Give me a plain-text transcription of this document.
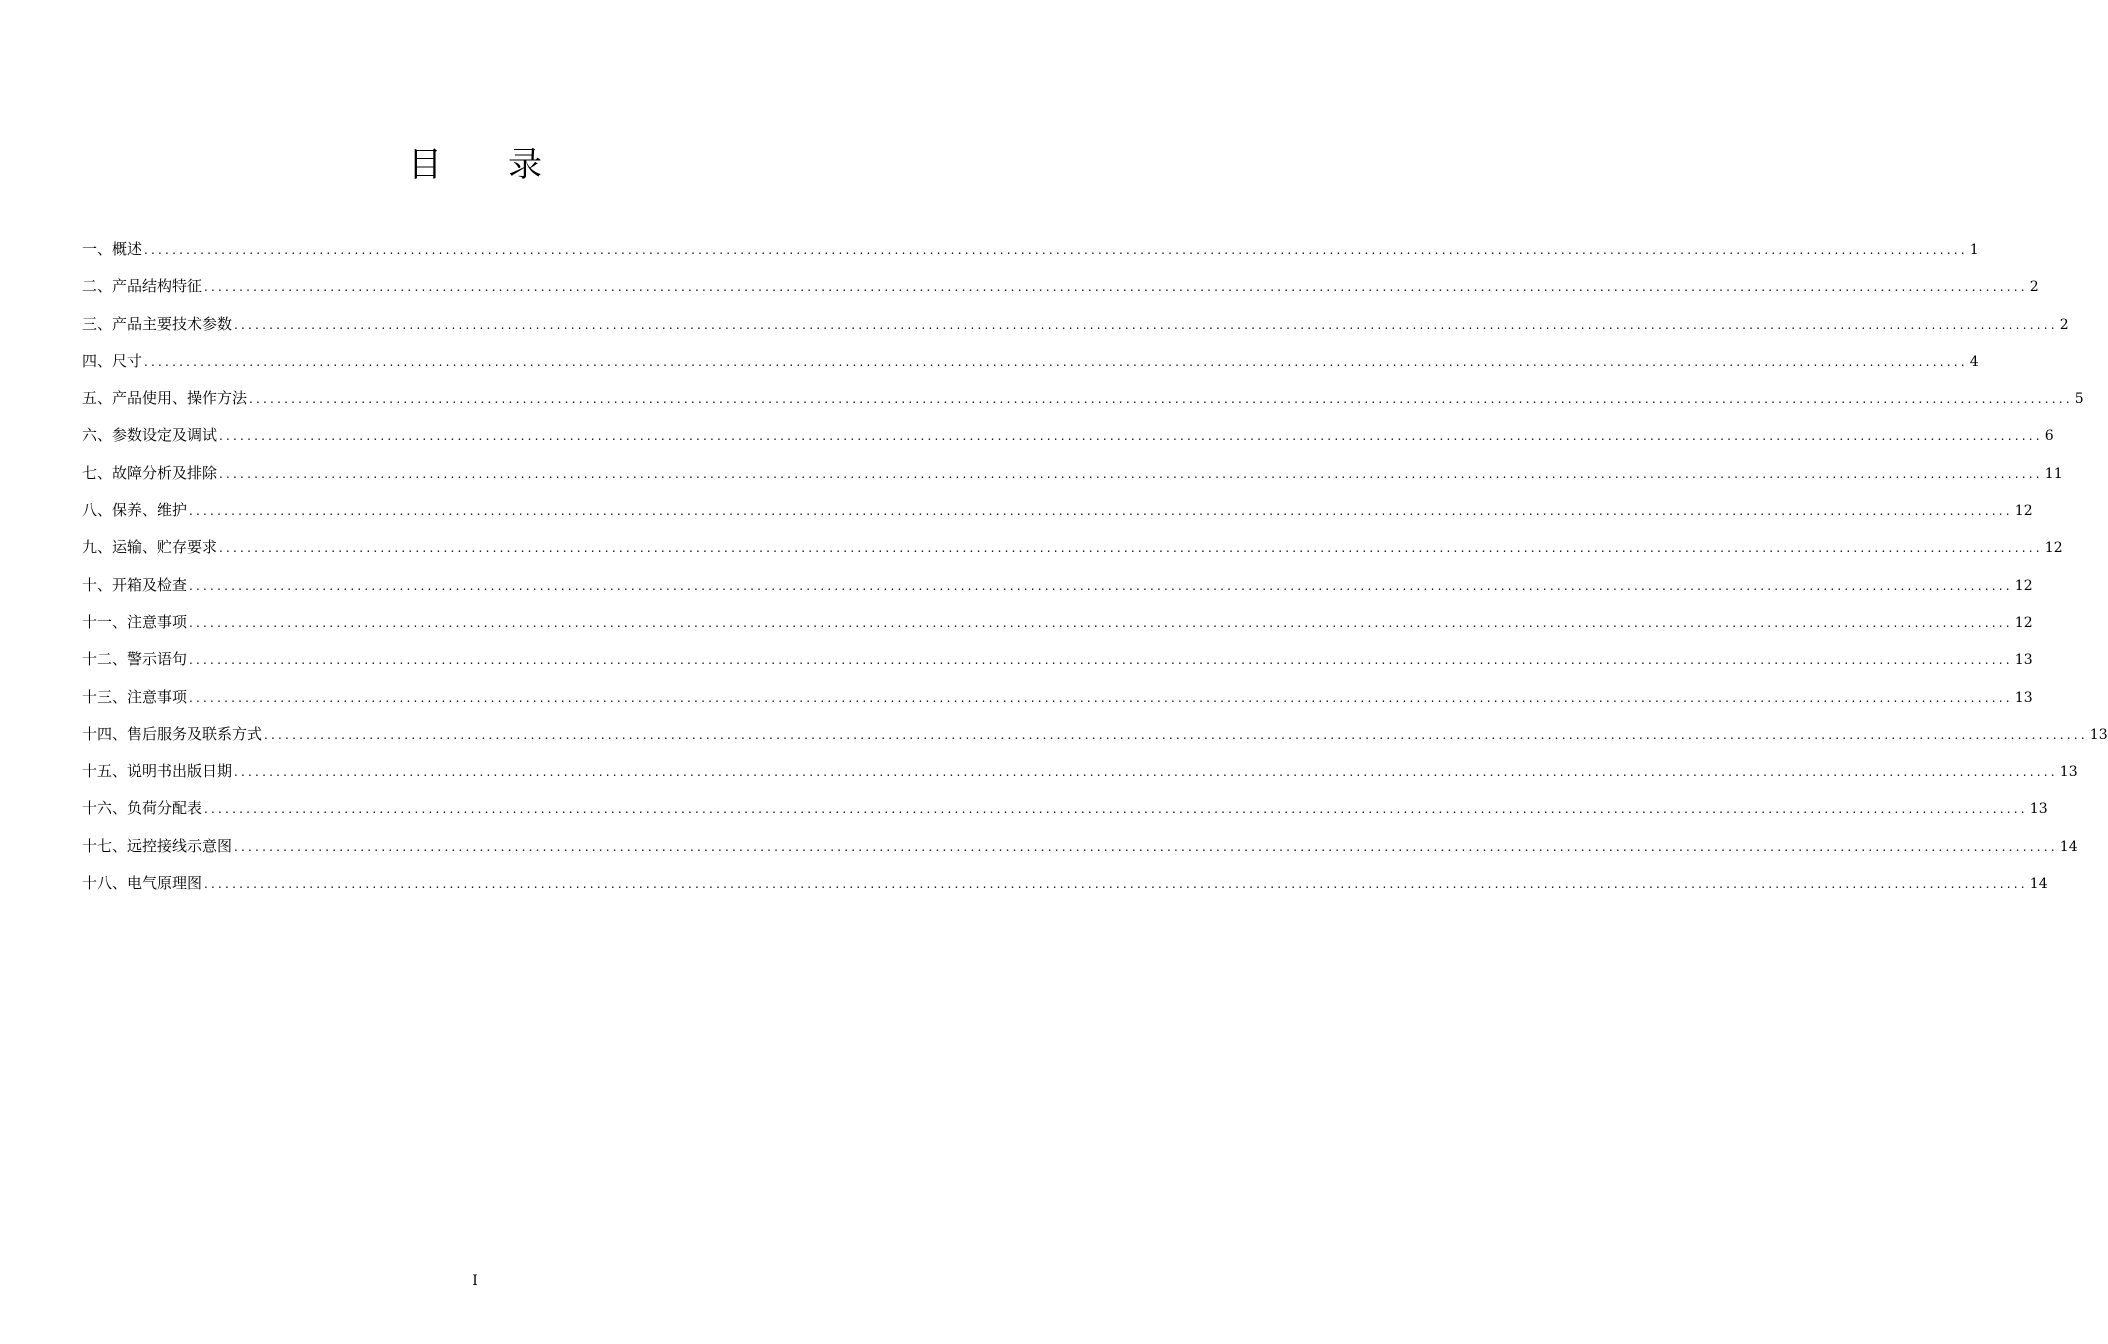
目录
一、概述 .................................................................................................................................................................................................................................................................... 1
二、产品结构特征 .................................................................................................................................................................................................................................................................... 2
三、产品主要技术参数 .................................................................................................................................................................................................................................................................... 2
四、尺寸 .................................................................................................................................................................................................................................................................... 4
五、产品使用、操作方法 .................................................................................................................................................................................................................................................................... 5
六、参数设定及调试 .................................................................................................................................................................................................................................................................... 6
七、故障分析及排除 .................................................................................................................................................................................................................................................................... 11
八、保养、维护 .................................................................................................................................................................................................................................................................... 12
九、运输、贮存要求 .................................................................................................................................................................................................................................................................... 12
十、开箱及检查 .................................................................................................................................................................................................................................................................... 12
十一、注意事项 .................................................................................................................................................................................................................................................................... 12
十二、警示语句 .................................................................................................................................................................................................................................................................... 13
十三、注意事项 .................................................................................................................................................................................................................................................................... 13
十四、售后服务及联系方式 .................................................................................................................................................................................................................................................................... 13
十五、说明书出版日期 .................................................................................................................................................................................................................................................................... 13
十六、负荷分配表 .................................................................................................................................................................................................................................................................... 13
十七、远控接线示意图 .................................................................................................................................................................................................................................................................... 14
十八、电气原理图 .................................................................................................................................................................................................................................................................... 14
I
